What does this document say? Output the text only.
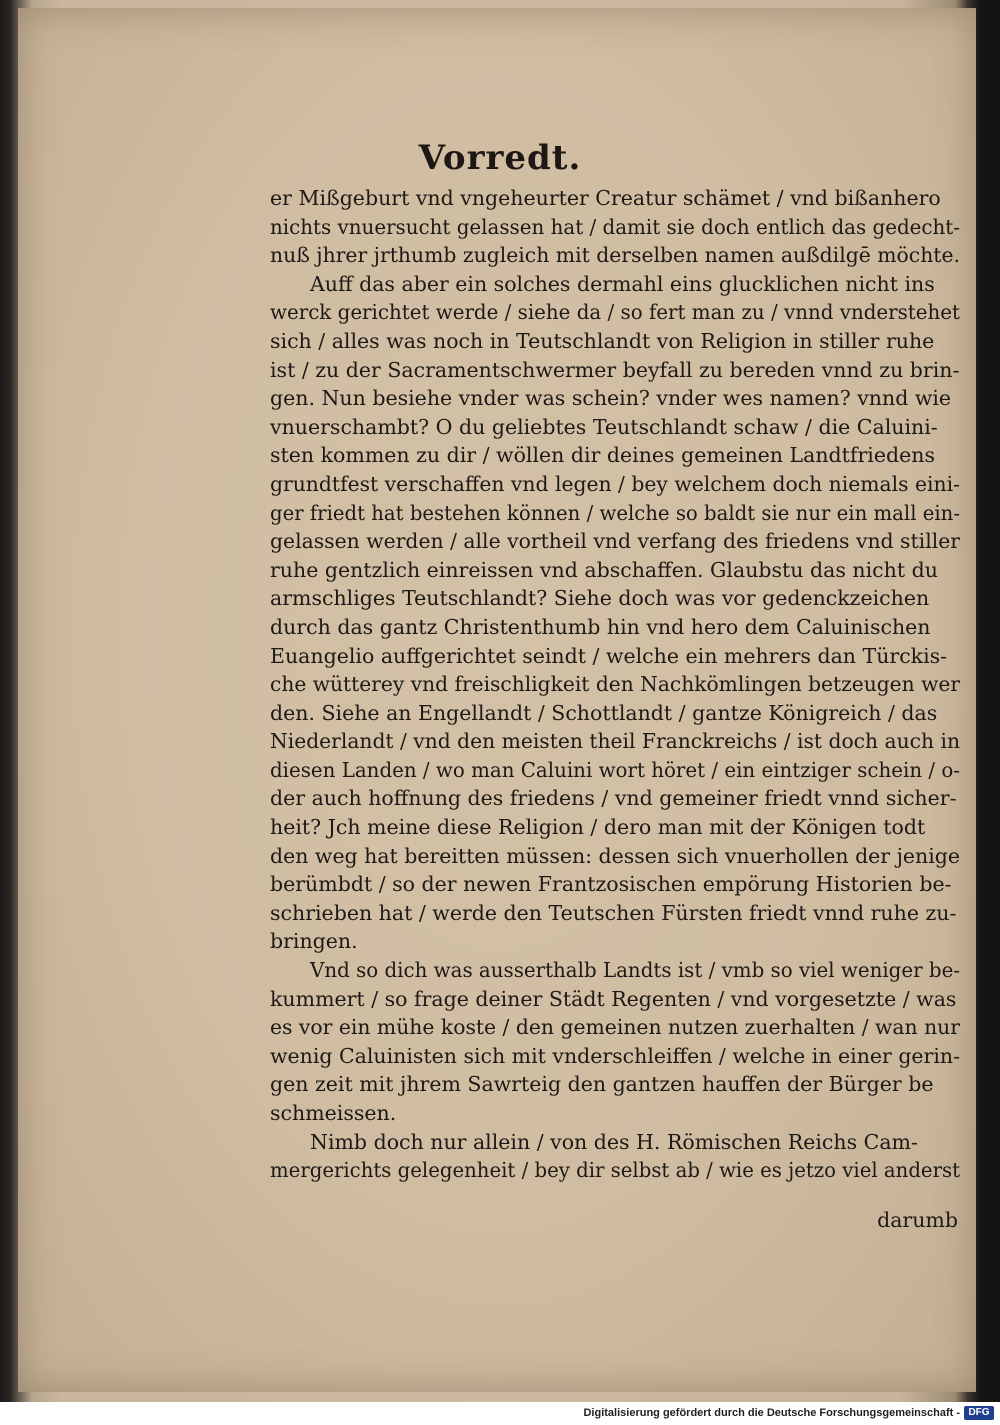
Vorredt.
er Mißgeburt vnd vngeheurter Creatur schämet / vnd bißanhero
nichts vnuersucht gelassen hat / damit sie doch entlich das gedecht-
nuß jhrer jrthumb zugleich mit derselben namen außdilgē möchte.
Auff das aber ein solches dermahl eins glucklichen nicht ins
werck gerichtet werde / siehe da / so fert man zu / vnnd vnderstehet
sich / alles was noch in Teutschlandt von Religion in stiller ruhe
ist / zu der Sacramentschwermer beyfall zu bereden vnnd zu brin-
gen. Nun besiehe vnder was schein? vnder wes namen? vnnd wie
vnuerschambt? O du geliebtes Teutschlandt schaw / die Caluini-
sten kommen zu dir / wöllen dir deines gemeinen Landtfriedens
grundtfest verschaffen vnd legen / bey welchem doch niemals eini-
ger friedt hat bestehen können / welche so baldt sie nur ein mall ein-
gelassen werden / alle vortheil vnd verfang des friedens vnd stiller
ruhe gentzlich einreissen vnd abschaffen. Glaubstu das nicht du
armschliges Teutschlandt? Siehe doch was vor gedenckzeichen
durch das gantz Christenthumb hin vnd hero dem Caluinischen
Euangelio auffgerichtet seindt / welche ein mehrers dan Türckis-
che wütterey vnd freischligkeit den Nachkömlingen betzeugen wer
den. Siehe an Engellandt / Schottlandt / gantze Königreich / das
Niederlandt / vnd den meisten theil Franckreichs / ist doch auch in
diesen Landen / wo man Caluini wort höret / ein eintziger schein / o-
der auch hoffnung des friedens / vnd gemeiner friedt vnnd sicher-
heit? Jch meine diese Religion / dero man mit der Königen todt
den weg hat bereitten müssen: dessen sich vnuerhollen der jenige
berümbdt / so der newen Frantzosischen empörung Historien be-
schrieben hat / werde den Teutschen Fürsten friedt vnnd ruhe zu-
bringen.
Vnd so dich was ausserthalb Landts ist / vmb so viel weniger be-
kummert / so frage deiner Städt Regenten / vnd vorgesetzte / was
es vor ein mühe koste / den gemeinen nutzen zuerhalten / wan nur
wenig Caluinisten sich mit vnderschleiffen / welche in einer gerin-
gen zeit mit jhrem Sawrteig den gantzen hauffen der Bürger be
schmeissen.
Nimb doch nur allein / von des H. Römischen Reichs Cam-
mergerichts gelegenheit / bey dir selbst ab / wie es jetzo viel anderst
darumb
Digitalisierung gefördert durch die Deutsche Forschungsgemeinschaft - DFG
